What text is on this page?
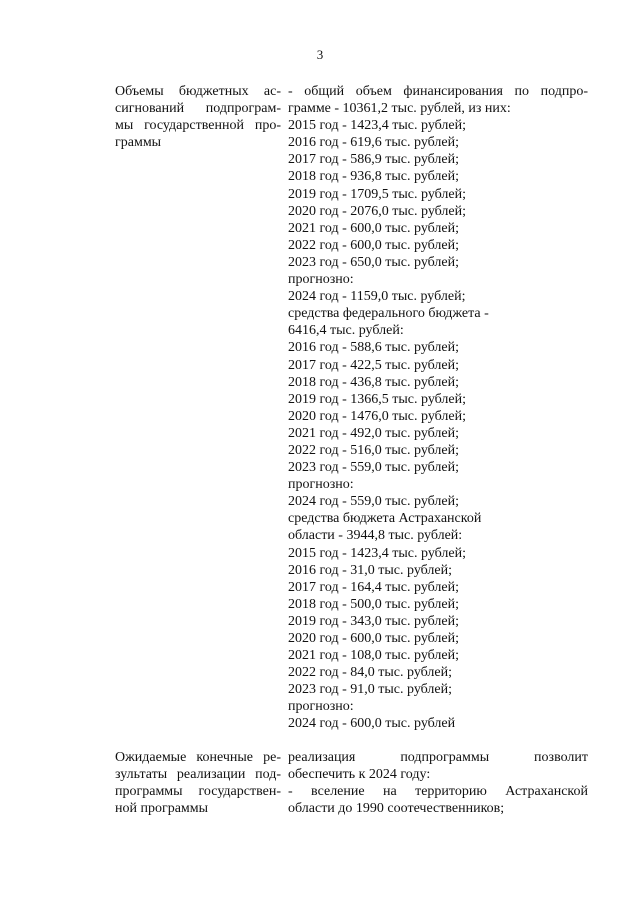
3
Объемы бюджетных ас-
сигнований подпрограм-
мы государственной про-
граммы
- общий объем финансирования по подпро-
грамме - 10361,2 тыс. рублей, из них:
2015 год - 1423,4 тыс. рублей;
2016 год - 619,6 тыс. рублей;
2017 год - 586,9 тыс. рублей;
2018 год - 936,8 тыс. рублей;
2019 год - 1709,5 тыс. рублей;
2020 год - 2076,0 тыс. рублей;
2021 год - 600,0 тыс. рублей;
2022 год - 600,0 тыс. рублей;
2023 год - 650,0 тыс. рублей;
прогнозно:
2024 год - 1159,0 тыс. рублей;
средства федерального бюджета -
6416,4 тыс. рублей:
2016 год - 588,6 тыс. рублей;
2017 год - 422,5 тыс. рублей;
2018 год - 436,8 тыс. рублей;
2019 год - 1366,5 тыс. рублей;
2020 год - 1476,0 тыс. рублей;
2021 год - 492,0 тыс. рублей;
2022 год - 516,0 тыс. рублей;
2023 год - 559,0 тыс. рублей;
прогнозно:
2024 год - 559,0 тыс. рублей;
средства бюджета Астраханской
области - 3944,8 тыс. рублей:
2015 год - 1423,4 тыс. рублей;
2016 год - 31,0 тыс. рублей;
2017 год - 164,4 тыс. рублей;
2018 год - 500,0 тыс. рублей;
2019 год - 343,0 тыс. рублей;
2020 год - 600,0 тыс. рублей;
2021 год - 108,0 тыс. рублей;
2022 год - 84,0 тыс. рублей;
2023 год - 91,0 тыс. рублей;
прогнозно:
2024 год - 600,0 тыс. рублей
Ожидаемые конечные ре-
зультаты реализации под-
программы государствен-
ной программы
реализация подпрограммы позволит
обеспечить к 2024 году:
- вселение на территорию Астраханской
области до 1990 соотечественников;
